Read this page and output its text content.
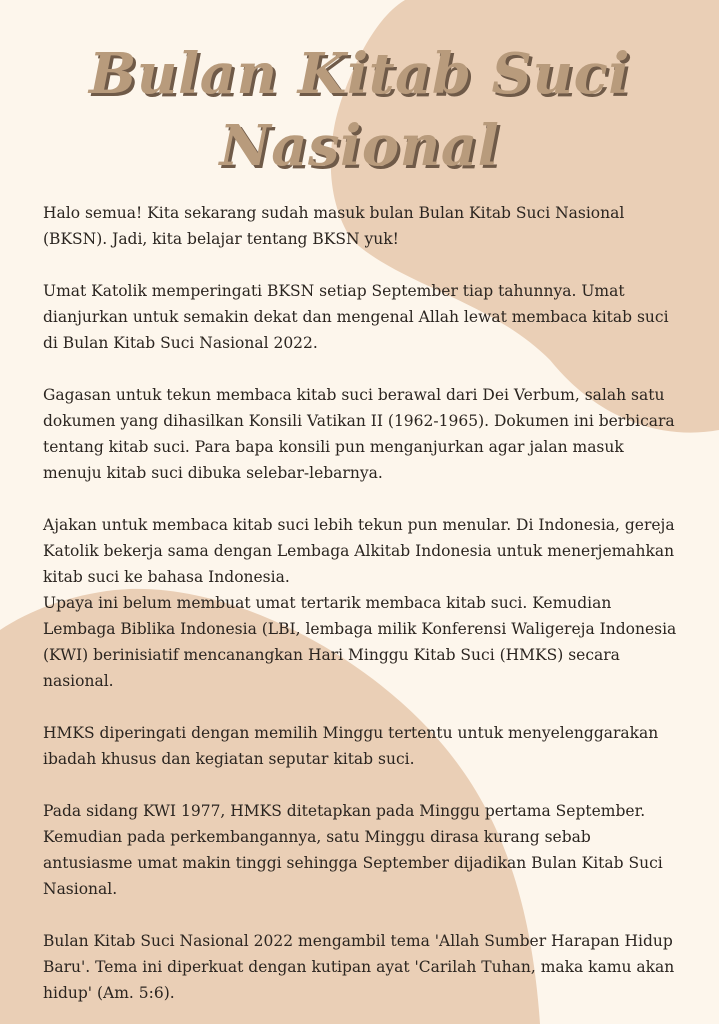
Bulan Kitab Suci
Nasional

Halo semua! Kita sekarang sudah masuk bulan Bulan Kitab Suci Nasional (BKSN). Jadi, kita belajar tentang BKSN yuk!

Umat Katolik memperingati BKSN setiap September tiap tahunnya. Umat dianjurkan untuk semakin dekat dan mengenal Allah lewat membaca kitab suci di Bulan Kitab Suci Nasional 2022.

Gagasan untuk tekun membaca kitab suci berawal dari Dei Verbum, salah satu dokumen yang dihasilkan Konsili Vatikan II (1962-1965). Dokumen ini berbicara tentang kitab suci. Para bapa konsili pun menganjurkan agar jalan masuk menuju kitab suci dibuka selebar-lebarnya.

Ajakan untuk membaca kitab suci lebih tekun pun menular. Di Indonesia, gereja Katolik bekerja sama dengan Lembaga Alkitab Indonesia untuk menerjemahkan kitab suci ke bahasa Indonesia.

Upaya ini belum membuat umat tertarik membaca kitab suci. Kemudian Lembaga Biblika Indonesia (LBI, lembaga milik Konferensi Waligereja Indonesia (KWI) berinisiatif mencanangkan Hari Minggu Kitab Suci (HMKS) secara nasional.

HMKS diperingati dengan memilih Minggu tertentu untuk menyelenggarakan ibadah khusus dan kegiatan seputar kitab suci.

Pada sidang KWI 1977, HMKS ditetapkan pada Minggu pertama September. Kemudian pada perkembangannya, satu Minggu dirasa kurang sebab antusiasme umat makin tinggi sehingga September dijadikan Bulan Kitab Suci Nasional.

Bulan Kitab Suci Nasional 2022 mengambil tema 'Allah Sumber Harapan Hidup Baru'. Tema ini diperkuat dengan kutipan ayat 'Carilah Tuhan, maka kamu akan hidup' (Am. 5:6).
